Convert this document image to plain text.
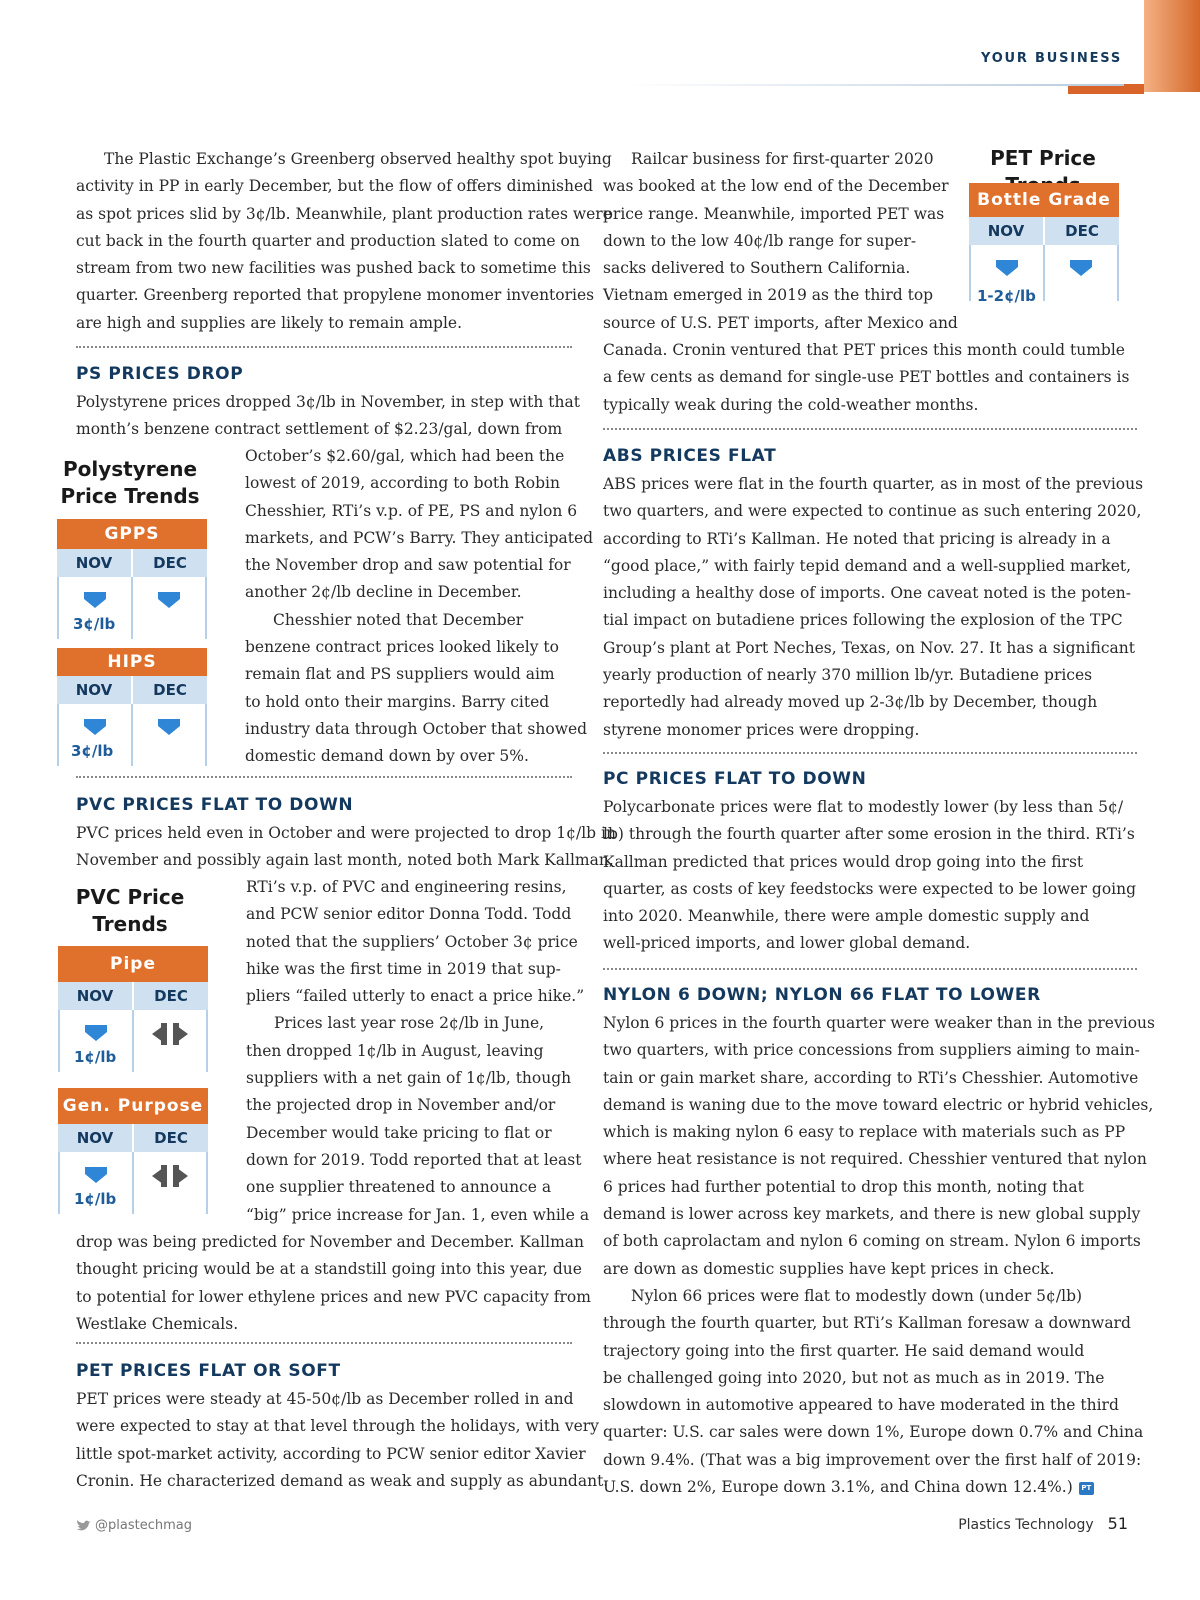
YOUR BUSINESS
The Plastic Exchange’s Greenberg observed healthy spot buying
activity in PP in early December, but the flow of offers diminished
as spot prices slid by 3¢/lb. Meanwhile, plant production rates were
cut back in the fourth quarter and production slated to come on
stream from two new facilities was pushed back to sometime this
quarter. Greenberg reported that propylene monomer inventories
are high and supplies are likely to remain ample.
PS PRICES DROP
Polystyrene prices dropped 3¢/lb in November, in step with that
month’s benzene contract settlement of $2.23/gal, down from
October’s $2.60/gal, which had been the
lowest of 2019, according to both Robin
Chesshier, RTi’s v.p. of PE, PS and nylon 6
markets, and PCW’s Barry. They anticipated
the November drop and saw potential for
another 2¢/lb decline in December.
Chesshier noted that December
benzene contract prices looked likely to
remain flat and PS suppliers would aim
to hold onto their margins. Barry cited
industry data through October that showed
domestic demand down by over 5%.
Polystyrene
Price Trends
GPPS
NOV	DEC
3¢/lb
HIPS
NOV	DEC
3¢/lb
PVC PRICES FLAT TO DOWN
PVC prices held even in October and were projected to drop 1¢/lb in
November and possibly again last month, noted both Mark Kallman,
RTi’s v.p. of PVC and engineering resins,
and PCW senior editor Donna Todd. Todd
noted that the suppliers’ October 3¢ price
hike was the first time in 2019 that sup-
pliers “failed utterly to enact a price hike.”
Prices last year rose 2¢/lb in June,
then dropped 1¢/lb in August, leaving
suppliers with a net gain of 1¢/lb, though
the projected drop in November and/or
December would take pricing to flat or
down for 2019. Todd reported that at least
one supplier threatened to announce a
“big” price increase for Jan. 1, even while a
drop was being predicted for November and December. Kallman
thought pricing would be at a standstill going into this year, due
to potential for lower ethylene prices and new PVC capacity from
Westlake Chemicals.
PVC Price
Trends
Pipe
NOV	DEC
1¢/lb
Gen. Purpose
NOV	DEC
1¢/lb
PET PRICES FLAT OR SOFT
PET prices were steady at 45-50¢/lb as December rolled in and
were expected to stay at that level through the holidays, with very
little spot-market activity, according to PCW senior editor Xavier
Cronin. He characterized demand as weak and supply as abundant.
Railcar business for first-quarter 2020
was booked at the low end of the December
price range. Meanwhile, imported PET was
down to the low 40¢/lb range for super-
sacks delivered to Southern California.
Vietnam emerged in 2019 as the third top
source of U.S. PET imports, after Mexico and
Canada. Cronin ventured that PET prices this month could tumble
a few cents as demand for single-use PET bottles and containers is
typically weak during the cold-weather months.
PET Price
Bottle Grade
NOV	DEC
1-2¢/lb
ABS PRICES FLAT
ABS prices were flat in the fourth quarter, as in most of the previous
two quarters, and were expected to continue as such entering 2020,
according to RTi’s Kallman. He noted that pricing is already in a
“good place,” with fairly tepid demand and a well-supplied market,
including a healthy dose of imports. One caveat noted is the poten-
tial impact on butadiene prices following the explosion of the TPC
Group’s plant at Port Neches, Texas, on Nov. 27. It has a significant
yearly production of nearly 370 million lb/yr. Butadiene prices
reportedly had already moved up 2-3¢/lb by December, though
styrene monomer prices were dropping.
PC PRICES FLAT TO DOWN
Polycarbonate prices were flat to modestly lower (by less than 5¢/
lb) through the fourth quarter after some erosion in the third. RTi’s
Kallman predicted that prices would drop going into the first
quarter, as costs of key feedstocks were expected to be lower going
into 2020. Meanwhile, there were ample domestic supply and
well-priced imports, and lower global demand.
NYLON 6 DOWN; NYLON 66 FLAT TO LOWER
Nylon 6 prices in the fourth quarter were weaker than in the previous
two quarters, with price concessions from suppliers aiming to main-
tain or gain market share, according to RTi’s Chesshier. Automotive
demand is waning due to the move toward electric or hybrid vehicles,
which is making nylon 6 easy to replace with materials such as PP
where heat resistance is not required. Chesshier ventured that nylon
6 prices had further potential to drop this month, noting that
demand is lower across key markets, and there is new global supply
of both caprolactam and nylon 6 coming on stream. Nylon 6 imports
are down as domestic supplies have kept prices in check.
Nylon 66 prices were flat to modestly down (under 5¢/lb)
through the fourth quarter, but RTi’s Kallman foresaw a downward
trajectory going into the first quarter. He said demand would
be challenged going into 2020, but not as much as in 2019. The
slowdown in automotive appeared to have moderated in the third
quarter: U.S. car sales were down 1%, Europe down 0.7% and China
down 9.4%. (That was a big improvement over the first half of 2019:
U.S. down 2%, Europe down 3.1%, and China down 12.4%.) PT
@plastechmag	Plastics Technology 51
